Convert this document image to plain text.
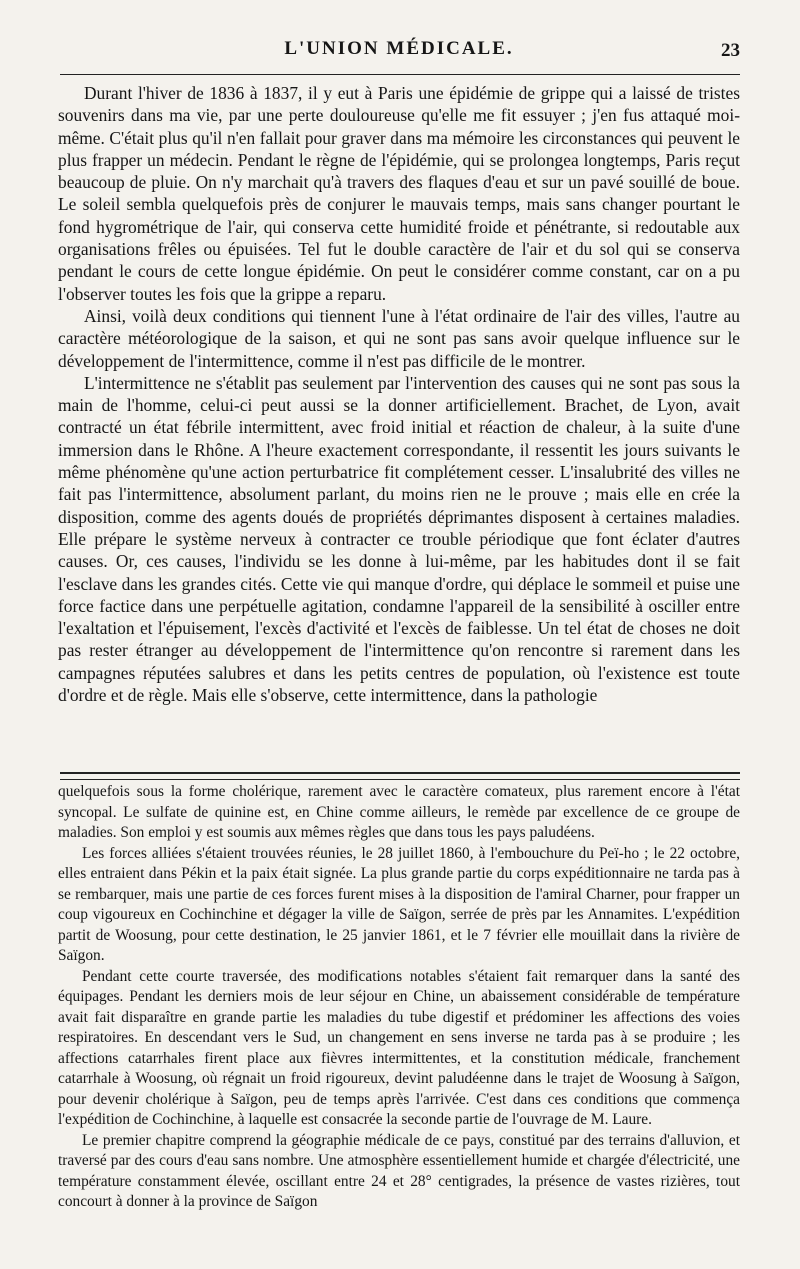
L'UNION MÉDICALE.	23

Durant l'hiver de 1836 à 1837, il y eut à Paris une épidémie de grippe qui a laissé de tristes souvenirs dans ma vie, par une perte douloureuse qu'elle me fit essuyer ; j'en fus attaqué moi-même. C'était plus qu'il n'en fallait pour graver dans ma mémoire les circonstances qui peuvent le plus frapper un médecin. Pendant le règne de l'épidémie, qui se prolongea longtemps, Paris reçut beaucoup de pluie. On n'y marchait qu'à travers des flaques d'eau et sur un pavé souillé de boue. Le soleil sembla quelquefois près de conjurer le mauvais temps, mais sans changer pourtant le fond hygrométrique de l'air, qui conserva cette humidité froide et pénétrante, si redoutable aux organisations frêles ou épuisées. Tel fut le double caractère de l'air et du sol qui se conserva pendant le cours de cette longue épidémie. On peut le considérer comme constant, car on a pu l'observer toutes les fois que la grippe a reparu.

Ainsi, voilà deux conditions qui tiennent l'une à l'état ordinaire de l'air des villes, l'autre au caractère météorologique de la saison, et qui ne sont pas sans avoir quelque influence sur le développement de l'intermittence, comme il n'est pas difficile de le montrer.

L'intermittence ne s'établit pas seulement par l'intervention des causes qui ne sont pas sous la main de l'homme, celui-ci peut aussi se la donner artificiellement. Brachet, de Lyon, avait contracté un état fébrile intermittent, avec froid initial et réaction de chaleur, à la suite d'une immersion dans le Rhône. A l'heure exactement correspondante, il ressentit les jours suivants le même phénomène qu'une action perturbatrice fit complétement cesser. L'insalubrité des villes ne fait pas l'intermittence, absolument parlant, du moins rien ne le prouve ; mais elle en crée la disposition, comme des agents doués de propriétés déprimantes disposent à certaines maladies. Elle prépare le système nerveux à contracter ce trouble périodique que font éclater d'autres causes. Or, ces causes, l'individu se les donne à lui-même, par les habitudes dont il se fait l'esclave dans les grandes cités. Cette vie qui manque d'ordre, qui déplace le sommeil et puise une force factice dans une perpétuelle agitation, condamne l'appareil de la sensibilité à osciller entre l'exaltation et l'épuisement, l'excès d'activité et l'excès de faiblesse. Un tel état de choses ne doit pas rester étranger au développement de l'intermittence qu'on rencontre si rarement dans les campagnes réputées salubres et dans les petits centres de population, où l'existence est toute d'ordre et de règle. Mais elle s'observe, cette intermittence, dans la pathologie

quelquefois sous la forme cholérique, rarement avec le caractère comateux, plus rarement encore à l'état syncopal. Le sulfate de quinine est, en Chine comme ailleurs, le remède par excellence de ce groupe de maladies. Son emploi y est soumis aux mêmes règles que dans tous les pays paludéens.

Les forces alliées s'étaient trouvées réunies, le 28 juillet 1860, à l'embouchure du Peï-ho ; le 22 octobre, elles entraient dans Pékin et la paix était signée. La plus grande partie du corps expéditionnaire ne tarda pas à se rembarquer, mais une partie de ces forces furent mises à la disposition de l'amiral Charner, pour frapper un coup vigoureux en Cochinchine et dégager la ville de Saïgon, serrée de près par les Annamites. L'expédition partit de Woosung, pour cette destination, le 25 janvier 1861, et le 7 février elle mouillait dans la rivière de Saïgon.

Pendant cette courte traversée, des modifications notables s'étaient fait remarquer dans la santé des équipages. Pendant les derniers mois de leur séjour en Chine, un abaissement considérable de température avait fait disparaître en grande partie les maladies du tube digestif et prédominer les affections des voies respiratoires. En descendant vers le Sud, un changement en sens inverse ne tarda pas à se produire ; les affections catarrhales firent place aux fièvres intermittentes, et la constitution médicale, franchement catarrhale à Woosung, où régnait un froid rigoureux, devint paludéenne dans le trajet de Woosung à Saïgon, pour devenir cholérique à Saïgon, peu de temps après l'arrivée. C'est dans ces conditions que commença l'expédition de Cochinchine, à laquelle est consacrée la seconde partie de l'ouvrage de M. Laure.

Le premier chapitre comprend la géographie médicale de ce pays, constitué par des terrains d'alluvion, et traversé par des cours d'eau sans nombre. Une atmosphère essentiellement humide et chargée d'électricité, une température constamment élevée, oscillant entre 24 et 28° centigrades, la présence de vastes rizières, tout concourt à donner à la province de Saïgon
